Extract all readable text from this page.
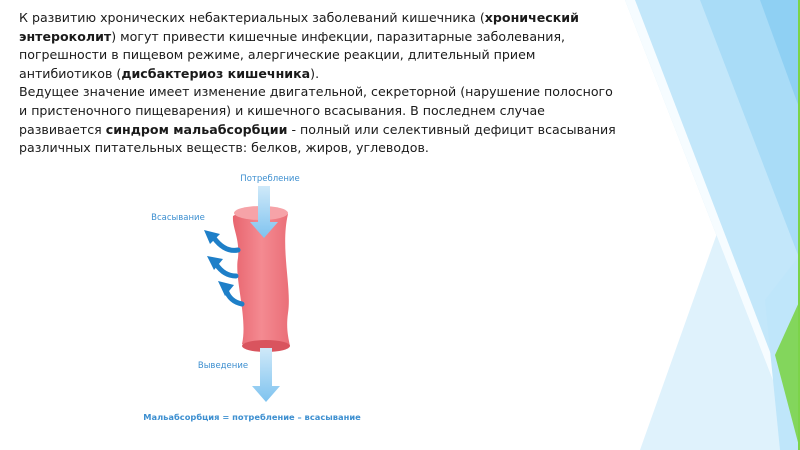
К развитию хронических небактериальных заболеваний кишечника (хронический энтероколит) могут привести кишечные инфекции, паразитарные заболевания, погрешности в пищевом режиме, алергические реакции, длительный прием антибиотиков (дисбактериоз кишечника).

Ведущее значение имеет изменение двигательной, секреторной (нарушение полосного и пристеночного пищеварения) и кишечного всасывания. В последнем случае развивается синдром мальабсорбции - полный или селективный дефицит всасывания различных питательных веществ: белков, жиров, углеводов.

Потребление
Всасывание
Выведение
Мальабсорбция = потребление – всасывание
